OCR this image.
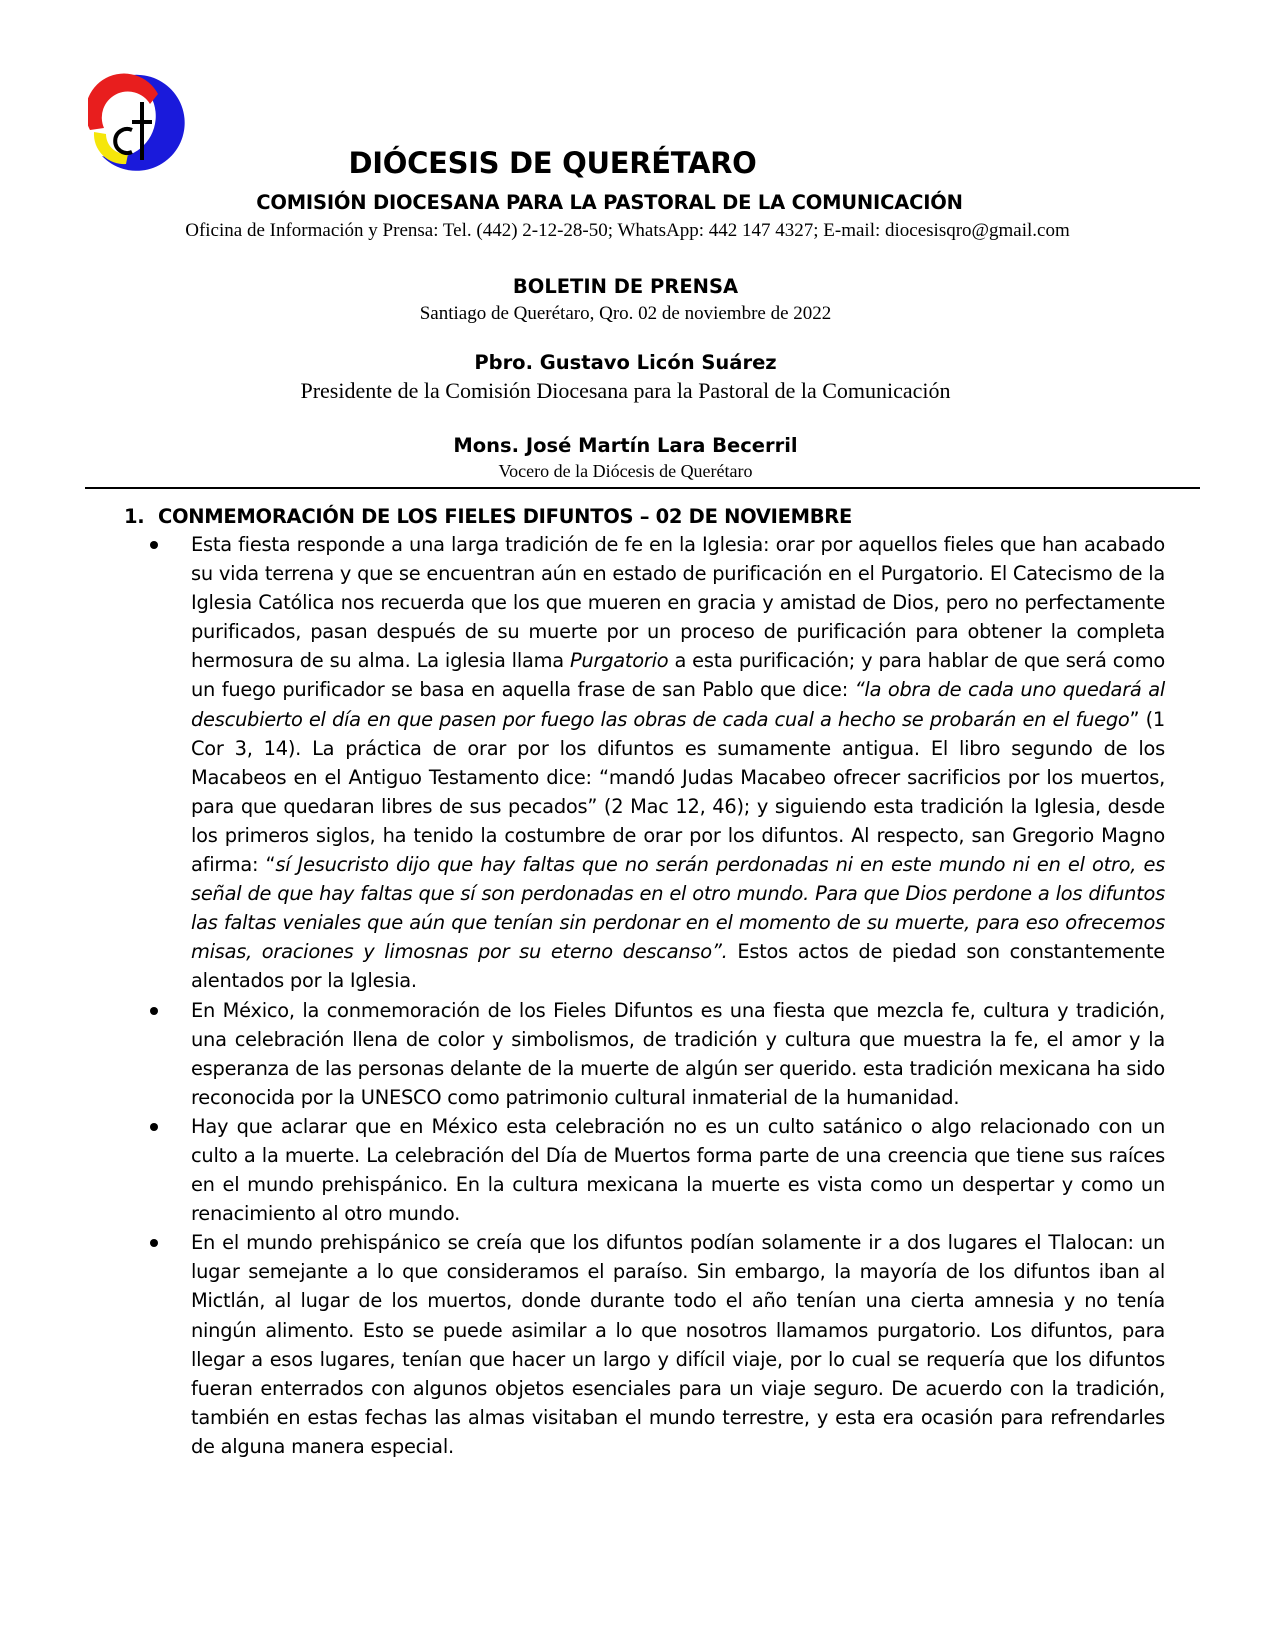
DIÓCESIS DE QUERÉTARO
COMISIÓN DIOCESANA PARA LA PASTORAL DE LA COMUNICACIÓN
Oficina de Información y Prensa: Tel. (442) 2-12-28-50; WhatsApp: 442 147 4327; E-mail: diocesisqro@gmail.com
BOLETIN DE PRENSA
Santiago de Querétaro, Qro. 02 de noviembre de 2022
Pbro. Gustavo Licón Suárez
Presidente de la Comisión Diocesana para la Pastoral de la Comunicación
Mons. José Martín Lara Becerril
Vocero de la Diócesis de Querétaro
1. CONMEMORACIÓN DE LOS FIELES DIFUNTOS – 02 DE NOVIEMBRE
Esta fiesta responde a una larga tradición de fe en la Iglesia: orar por aquellos fieles que han acabado su vida terrena y que se encuentran aún en estado de purificación en el Purgatorio. El Catecismo de la Iglesia Católica nos recuerda que los que mueren en gracia y amistad de Dios, pero no perfectamente purificados, pasan después de su muerte por un proceso de purificación para obtener la completa hermosura de su alma. La iglesia llama Purgatorio a esta purificación; y para hablar de que será como un fuego purificador se basa en aquella frase de san Pablo que dice: “la obra de cada uno quedará al descubierto el día en que pasen por fuego las obras de cada cual a hecho se probarán en el fuego” (1 Cor 3, 14). La práctica de orar por los difuntos es sumamente antigua. El libro segundo de los Macabeos en el Antiguo Testamento dice: “mandó Judas Macabeo ofrecer sacrificios por los muertos, para que quedaran libres de sus pecados” (2 Mac 12, 46); y siguiendo esta tradición la Iglesia, desde los primeros siglos, ha tenido la costumbre de orar por los difuntos. Al respecto, san Gregorio Magno afirma: “sí Jesucristo dijo que hay faltas que no serán perdonadas ni en este mundo ni en el otro, es señal de que hay faltas que sí son perdonadas en el otro mundo. Para que Dios perdone a los difuntos las faltas veniales que aún que tenían sin perdonar en el momento de su muerte, para eso ofrecemos misas, oraciones y limosnas por su eterno descanso”. Estos actos de piedad son constantemente alentados por la Iglesia.
En México, la conmemoración de los Fieles Difuntos es una fiesta que mezcla fe, cultura y tradición, una celebración llena de color y simbolismos, de tradición y cultura que muestra la fe, el amor y la esperanza de las personas delante de la muerte de algún ser querido. esta tradición mexicana ha sido reconocida por la UNESCO como patrimonio cultural inmaterial de la humanidad.
Hay que aclarar que en México esta celebración no es un culto satánico o algo relacionado con un culto a la muerte. La celebración del Día de Muertos forma parte de una creencia que tiene sus raíces en el mundo prehispánico. En la cultura mexicana la muerte es vista como un despertar y como un renacimiento al otro mundo.
En el mundo prehispánico se creía que los difuntos podían solamente ir a dos lugares el Tlalocan: un lugar semejante a lo que consideramos el paraíso. Sin embargo, la mayoría de los difuntos iban al Mictlán, al lugar de los muertos, donde durante todo el año tenían una cierta amnesia y no tenía ningún alimento. Esto se puede asimilar a lo que nosotros llamamos purgatorio. Los difuntos, para llegar a esos lugares, tenían que hacer un largo y difícil viaje, por lo cual se requería que los difuntos fueran enterrados con algunos objetos esenciales para un viaje seguro. De acuerdo con la tradición, también en estas fechas las almas visitaban el mundo terrestre, y esta era ocasión para refrendarles de alguna manera especial.
